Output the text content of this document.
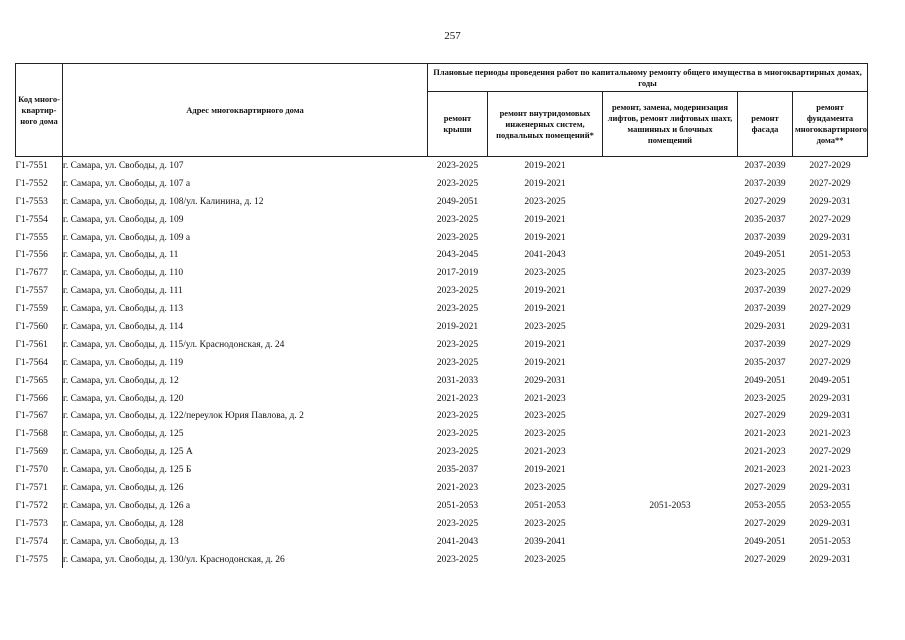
257
Код много-квартир-ного дома	Адрес многоквартирного дома	Плановые периоды проведения работ по капитальному ремонту общего имущества в многоквартирных домах, годы				
		ремонт крыши	ремонт внутридомовых инженерных систем, подвальных помещений*	ремонт, замена, модернизация лифтов, ремонт лифтовых шахт, машинных и блочных помещений	ремонт фасада	ремонт фундамента многоквартирного дома**
Г1-7551	г. Самара, ул. Свободы, д. 107	2023-2025	2019-2021		2037-2039	2027-2029
Г1-7552	г. Самара, ул. Свободы, д. 107 а	2023-2025	2019-2021		2037-2039	2027-2029
Г1-7553	г. Самара, ул. Свободы, д. 108/ул. Калинина, д. 12	2049-2051	2023-2025		2027-2029	2029-2031
Г1-7554	г. Самара, ул. Свободы, д. 109	2023-2025	2019-2021		2035-2037	2027-2029
Г1-7555	г. Самара, ул. Свободы, д. 109 а	2023-2025	2019-2021		2037-2039	2029-2031
Г1-7556	г. Самара, ул. Свободы, д. 11	2043-2045	2041-2043		2049-2051	2051-2053
Г1-7677	г. Самара, ул. Свободы, д. 110	2017-2019	2023-2025		2023-2025	2037-2039
Г1-7557	г. Самара, ул. Свободы, д. 111	2023-2025	2019-2021		2037-2039	2027-2029
Г1-7559	г. Самара, ул. Свободы, д. 113	2023-2025	2019-2021		2037-2039	2027-2029
Г1-7560	г. Самара, ул. Свободы, д. 114	2019-2021	2023-2025		2029-2031	2029-2031
Г1-7561	г. Самара, ул. Свободы, д. 115/ул. Краснодонская, д. 24	2023-2025	2019-2021		2037-2039	2027-2029
Г1-7564	г. Самара, ул. Свободы, д. 119	2023-2025	2019-2021		2035-2037	2027-2029
Г1-7565	г. Самара, ул. Свободы, д. 12	2031-2033	2029-2031		2049-2051	2049-2051
Г1-7566	г. Самара, ул. Свободы, д. 120	2021-2023	2021-2023		2023-2025	2029-2031
Г1-7567	г. Самара, ул. Свободы, д. 122/переулок Юрия Павлова, д. 2	2023-2025	2023-2025		2027-2029	2029-2031
Г1-7568	г. Самара, ул. Свободы, д. 125	2023-2025	2023-2025		2021-2023	2021-2023
Г1-7569	г. Самара, ул. Свободы, д. 125 А	2023-2025	2021-2023		2021-2023	2027-2029
Г1-7570	г. Самара, ул. Свободы, д. 125 Б	2035-2037	2019-2021		2021-2023	2021-2023
Г1-7571	г. Самара, ул. Свободы, д. 126	2021-2023	2023-2025		2027-2029	2029-2031
Г1-7572	г. Самара, ул. Свободы, д. 126 а	2051-2053	2051-2053	2051-2053	2053-2055	2053-2055
Г1-7573	г. Самара, ул. Свободы, д. 128	2023-2025	2023-2025		2027-2029	2029-2031
Г1-7574	г. Самара, ул. Свободы, д. 13	2041-2043	2039-2041		2049-2051	2051-2053
Г1-7575	г. Самара, ул. Свободы, д. 130/ул. Краснодонская, д. 26	2023-2025	2023-2025		2027-2029	2029-2031
